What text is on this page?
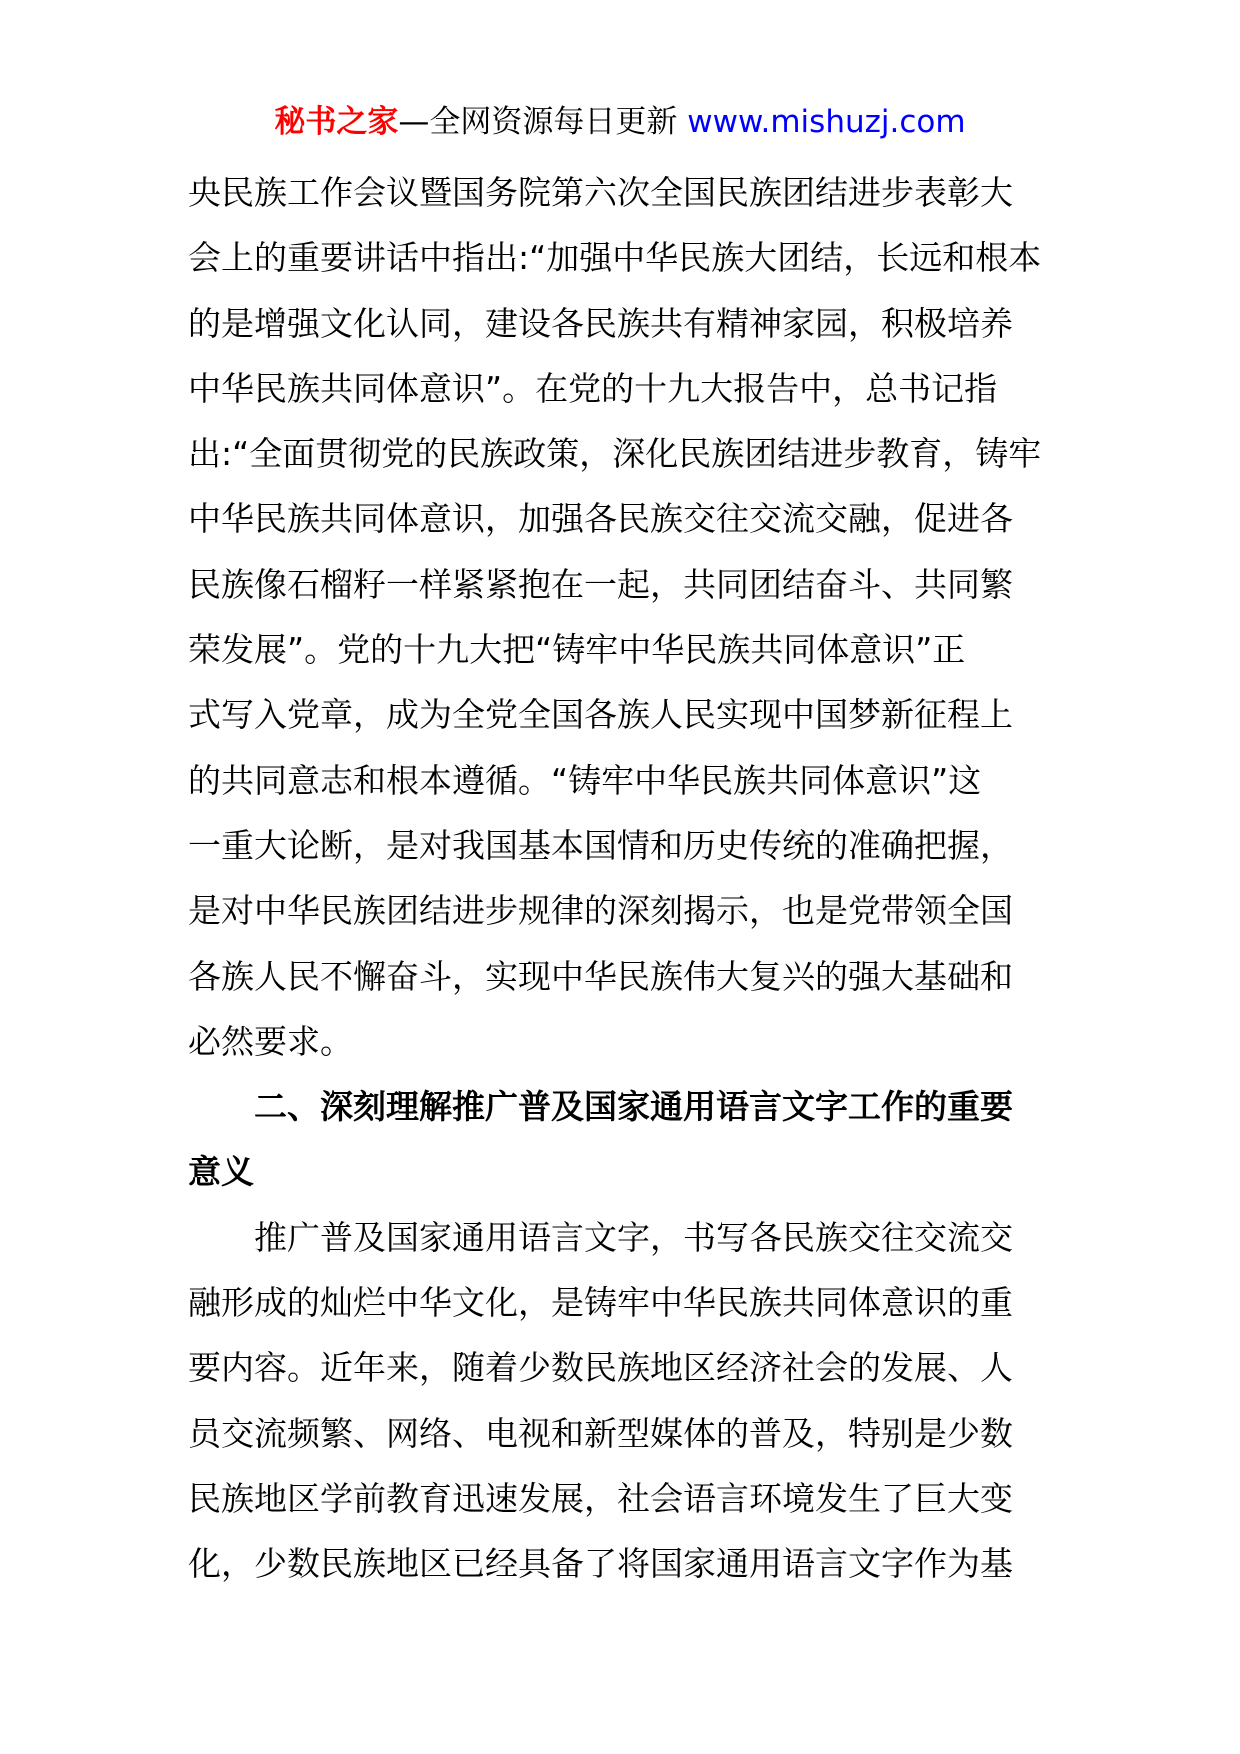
秘书之家—全网资源每日更新 www.mishuzj.com
央民族工作会议暨国务院第六次全国民族团结进步表彰大
会上的重要讲话中指出:“加强中华民族大团结，长远和根本
的是增强文化认同，建设各民族共有精神家园，积极培养
中华民族共同体意识”。在党的十九大报告中，总书记指
出:“全面贯彻党的民族政策，深化民族团结进步教育，铸牢
中华民族共同体意识，加强各民族交往交流交融，促进各
民族像石榴籽一样紧紧抱在一起，共同团结奋斗、共同繁
荣发展”。党的十九大把“铸牢中华民族共同体意识”正
式写入党章，成为全党全国各族人民实现中国梦新征程上
的共同意志和根本遵循。“铸牢中华民族共同体意识”这
一重大论断，是对我国基本国情和历史传统的准确把握，
是对中华民族团结进步规律的深刻揭示，也是党带领全国
各族人民不懈奋斗，实现中华民族伟大复兴的强大基础和
必然要求。
　　二、深刻理解推广普及国家通用语言文字工作的重要
意义
　　推广普及国家通用语言文字，书写各民族交往交流交
融形成的灿烂中华文化，是铸牢中华民族共同体意识的重
要内容。近年来，随着少数民族地区经济社会的发展、人
员交流频繁、网络、电视和新型媒体的普及，特别是少数
民族地区学前教育迅速发展，社会语言环境发生了巨大变
化，少数民族地区已经具备了将国家通用语言文字作为基
